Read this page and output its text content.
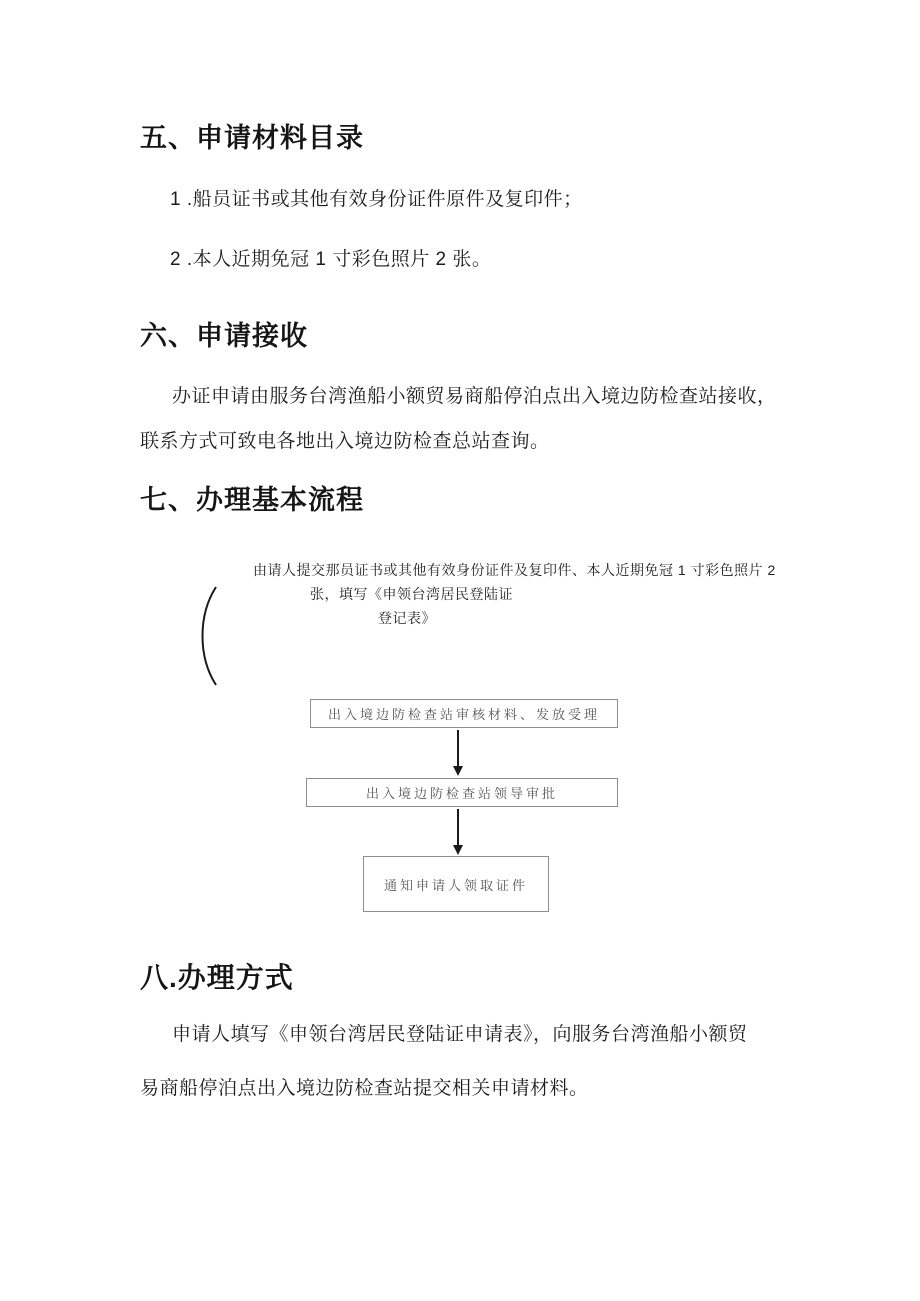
五、申请材料目录
1 .船员证书或其他有效身份证件原件及复印件；
2 .本人近期免冠 1 寸彩色照片 2 张。
六、申请接收
办证申请由服务台湾渔船小额贸易商船停泊点出入境边防检查站接收，
联系方式可致电各地出入境边防检查总站查询。
七、办理基本流程
由请人提交那员证书或其他有效身份证件及复印件、本人近期免冠 1 寸彩色照片 2
张，填写《申领台湾居民登陆证
登记表》
出入境边防检查站审核材料、发放受理
出入境边防检查站领导审批
通知申请人领取证件
八.办理方式
申请人填写《申领台湾居民登陆证申请表》，向服务台湾渔船小额贸
易商船停泊点出入境边防检查站提交相关申请材料。
